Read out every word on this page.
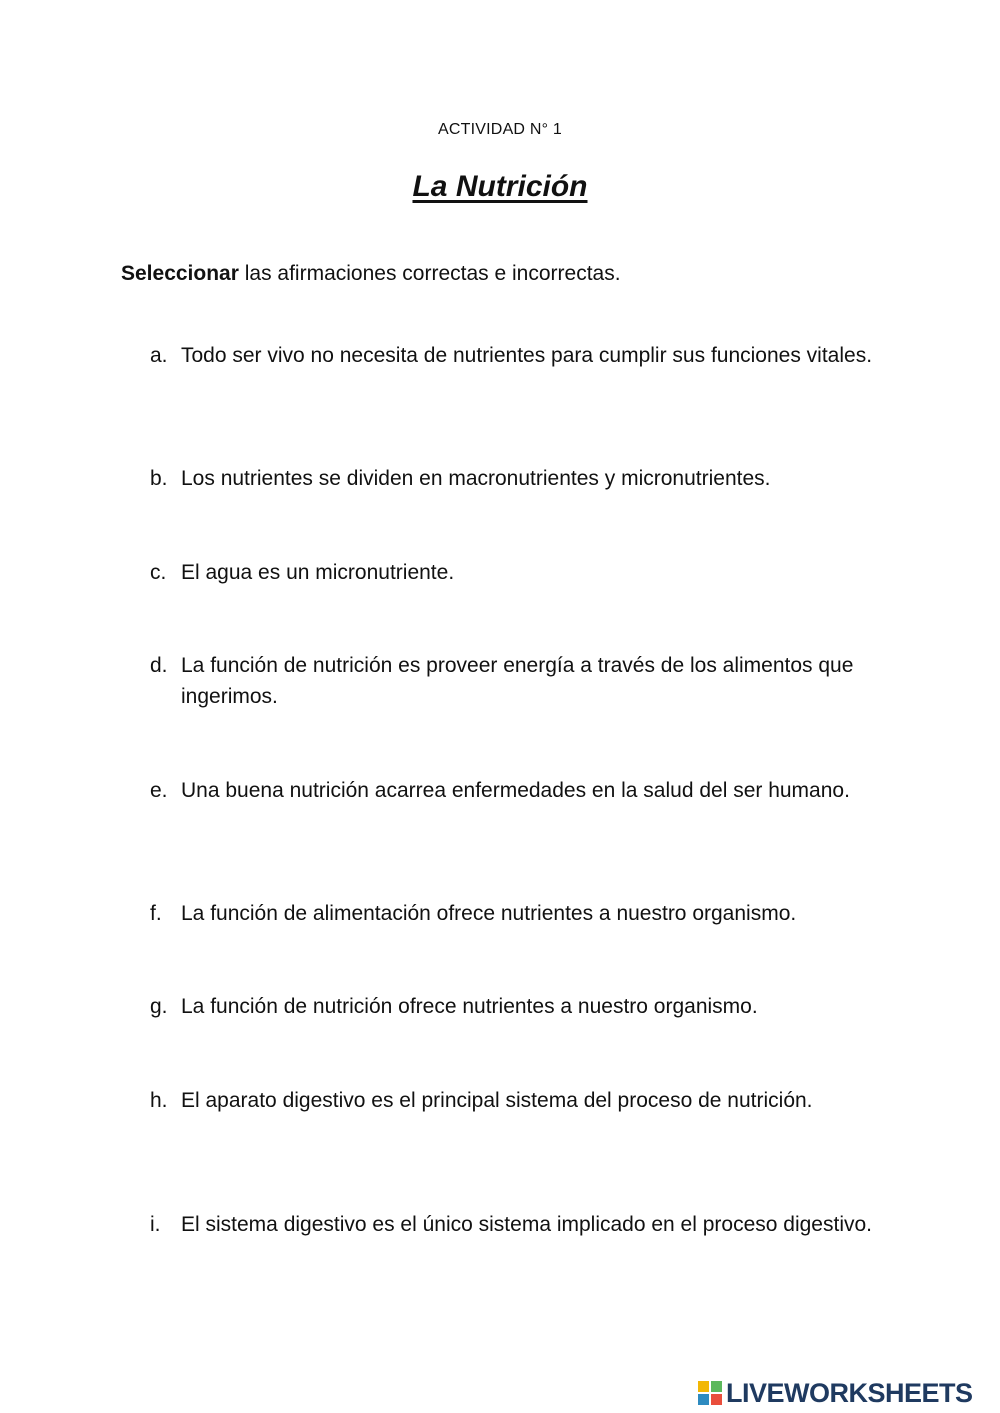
ACTIVIDAD N° 1
La Nutrición
Seleccionar las afirmaciones correctas e incorrectas.
a. Todo ser vivo no necesita de nutrientes para cumplir sus funciones vitales.
b. Los nutrientes se dividen en macronutrientes y micronutrientes.
c. El agua es un micronutriente.
d. La función de nutrición es proveer energía a través de los alimentos que ingerimos.
e. Una buena nutrición acarrea enfermedades en la salud del ser humano.
f. La función de alimentación ofrece nutrientes a nuestro organismo.
g. La función de nutrición ofrece nutrientes a nuestro organismo.
h. El aparato digestivo es el principal sistema del proceso de nutrición.
i. El sistema digestivo es el único sistema implicado en el proceso digestivo.
LIVEWORKSHEETS
